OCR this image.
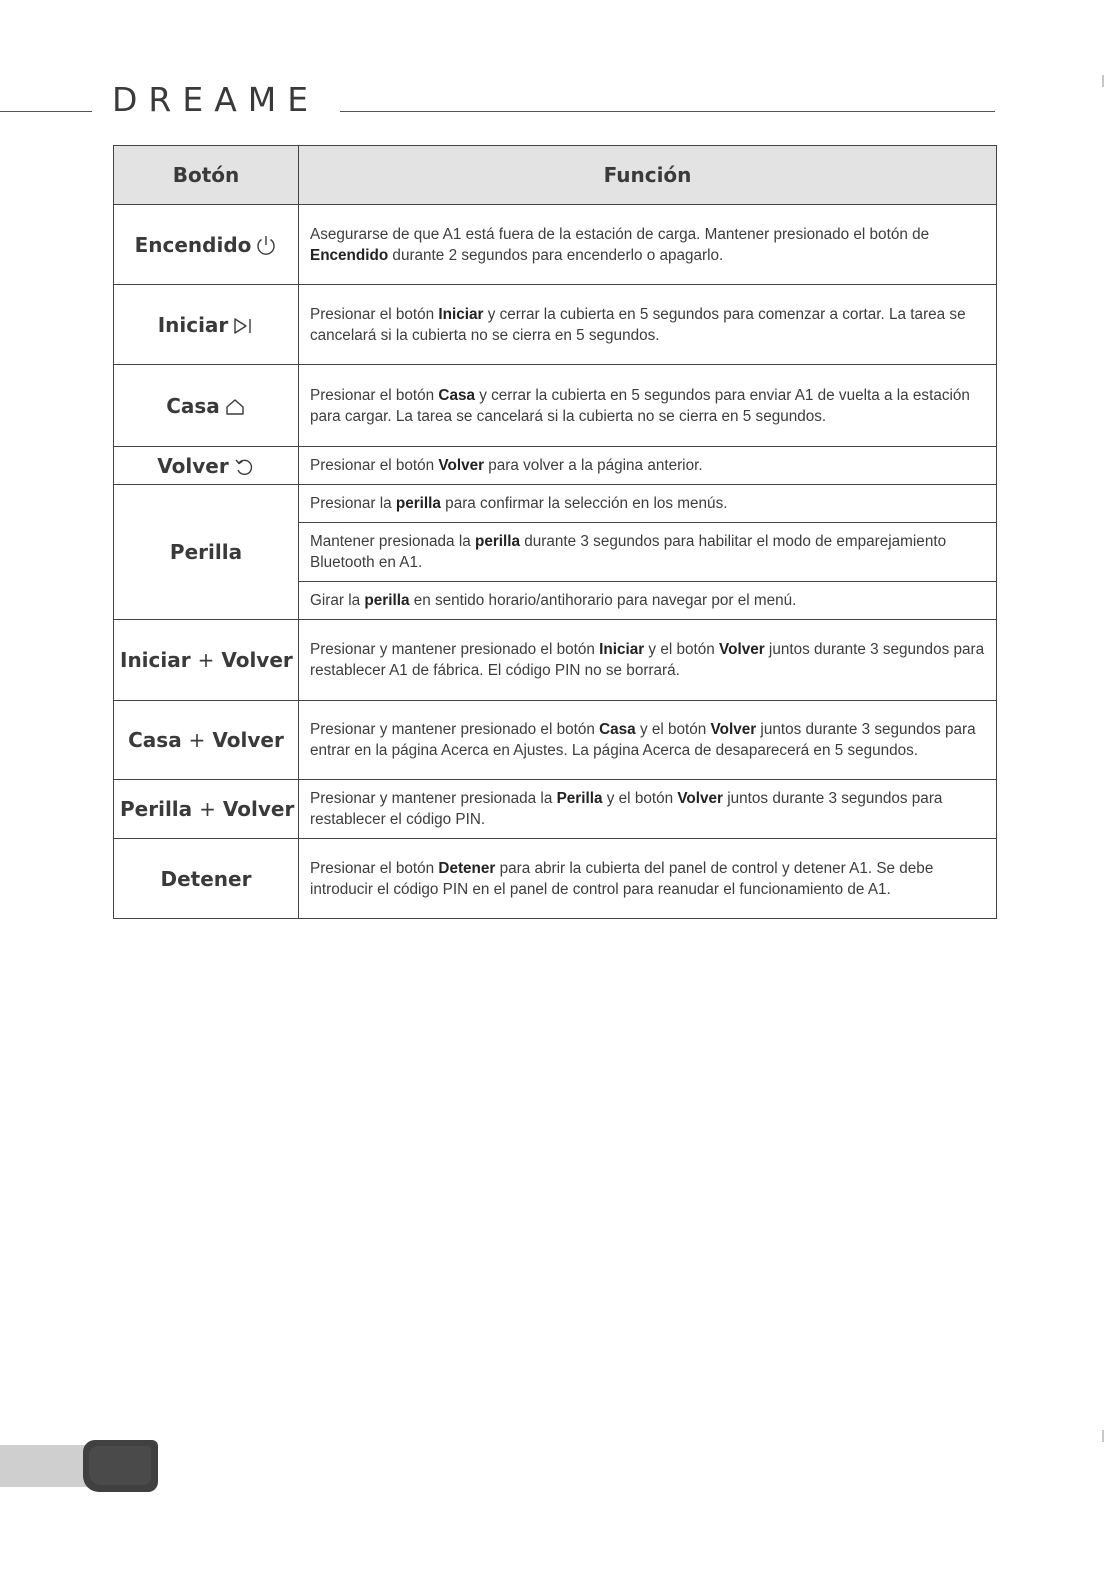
DREAME
Botón	Función
Encendido	Asegurarse de que A1 está fuera de la estación de carga. Mantener presionado el botón de Encendido durante 2 segundos para encenderlo o apagarlo.
Iniciar	Presionar el botón Iniciar y cerrar la cubierta en 5 segundos para comenzar a cortar. La tarea se cancelará si la cubierta no se cierra en 5 segundos.
Casa	Presionar el botón Casa y cerrar la cubierta en 5 segundos para enviar A1 de vuelta a la estación para cargar. La tarea se cancelará si la cubierta no se cierra en 5 segundos.
Volver	Presionar el botón Volver para volver a la página anterior.
Perilla	Presionar la perilla para confirmar la selección en los menús.
	Mantener presionada la perilla durante 3 segundos para habilitar el modo de emparejamiento Bluetooth en A1.
	Girar la perilla en sentido horario/antihorario para navegar por el menú.
Iniciar + Volver	Presionar y mantener presionado el botón Iniciar y el botón Volver juntos durante 3 segundos para restablecer A1 de fábrica. El código PIN no se borrará.
Casa + Volver	Presionar y mantener presionado el botón Casa y el botón Volver juntos durante 3 segundos para entrar en la página Acerca en Ajustes. La página Acerca de desaparecerá en 5 segundos.
Perilla + Volver	Presionar y mantener presionada la Perilla y el botón Volver juntos durante 3 segundos para restablecer el código PIN.
Detener	Presionar el botón Detener para abrir la cubierta del panel de control y detener A1. Se debe introducir el código PIN en el panel de control para reanudar el funcionamiento de A1.
